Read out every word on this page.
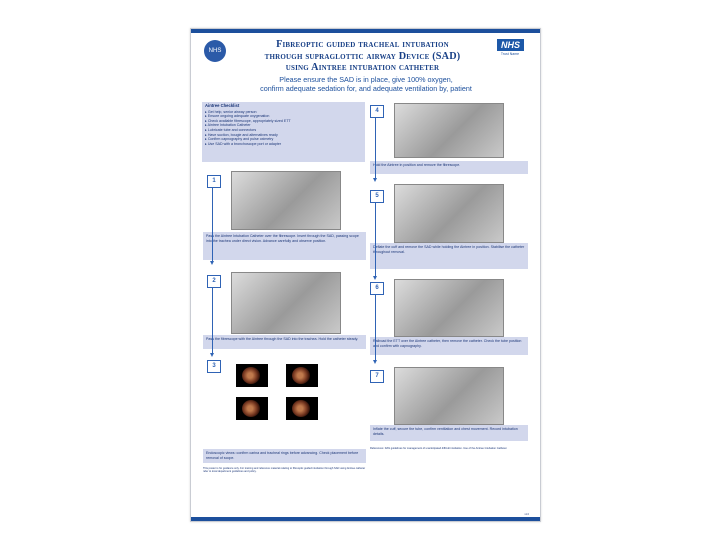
NHS
Fibreoptic guided tracheal intubation
through supraglottic airway Device (SAD)
using Aintree intubation catheter
NHS
Trust Name
Please ensure the SAD is in place, give 100% oxygen,
confirm adequate sedation for, and adequate ventilation by, patient
Aintree Checklist
▸ Get help, senior airway person
▸ Ensure ongoing adequate oxygenation
▸ Check available fibrescope, appropriately sized ETT
▸ Aintree Intubation Catheter
▸ Lubricate tube and connectors
▸ Have suction, bougie and alternatives ready
▸ Confirm capnography and pulse oximetry
▸ Use SAD with a bronchoscope port or adapter
1
Pass the Aintree Intubation Catheter over the fibrescope. Insert through the SAD, passing scope into the trachea under direct vision. Advance carefully and observe position.
2
Pass the fibrescope with the Aintree through the SAD into the trachea. Hold the catheter steady.
3
Endoscopic views: confirm carina and tracheal rings before advancing. Check placement before removal of scope.
4
Hold the Aintree in position and remove the fibrescope.
5
Deflate the cuff and remove the SAD while holding the Aintree in position. Stabilise the catheter throughout removal.
6
Railroad the ETT over the Aintree catheter, then remove the catheter. Check the tube position and confirm with capnography.
7
Inflate the cuff, secure the tube, confirm ventilation and chest movement. Record intubation details.
This poster is for guidance only. For training and reference material relating to fibreoptic guided intubation through SAD using Aintree catheter refer to local department guidelines and policy.
References: DAS guidelines for management of unanticipated difficult intubation. Use of the Aintree Intubation Catheter.
v1.0
